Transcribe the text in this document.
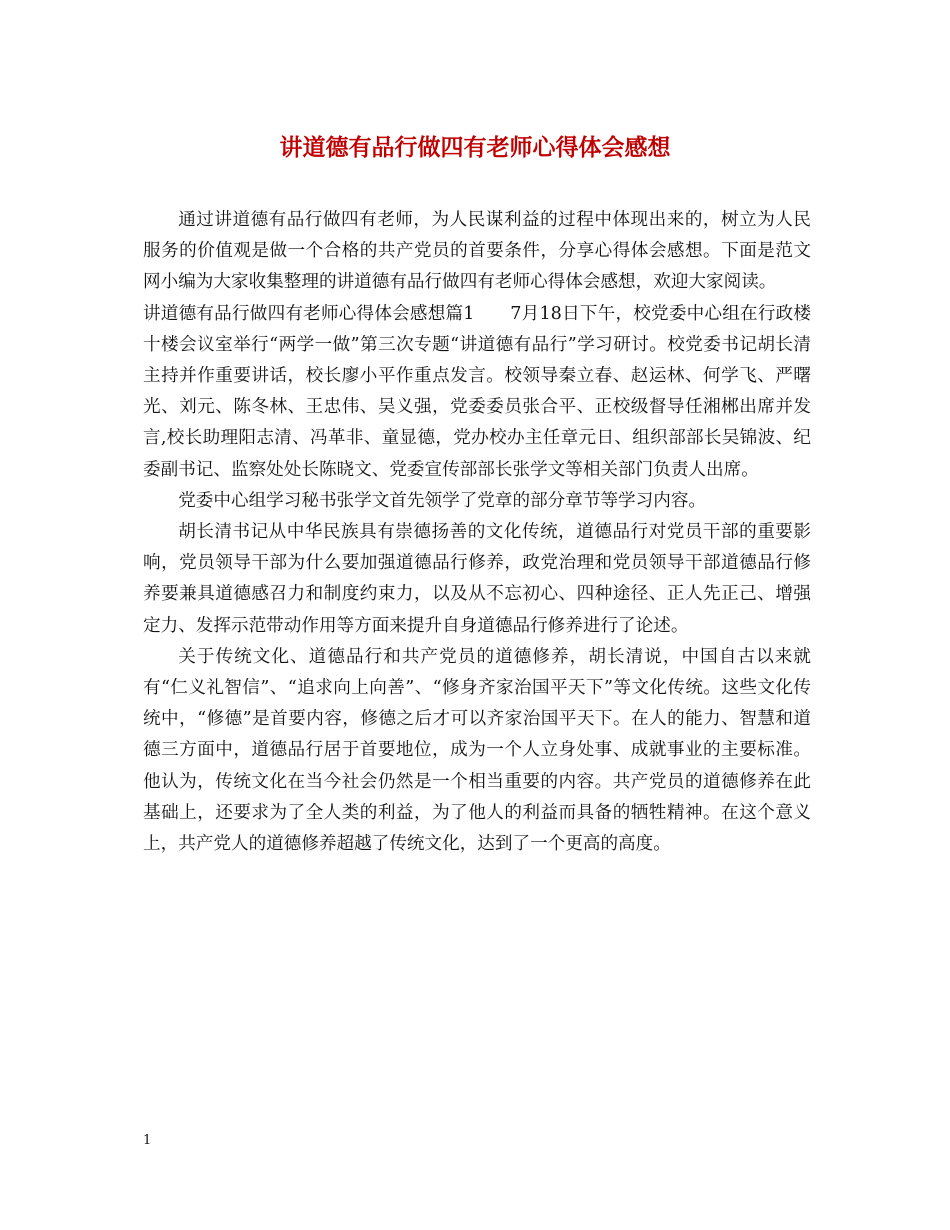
讲道德有品行做四有老师心得体会感想

通过讲道德有品行做四有老师，为人民谋利益的过程中体现出来的，树立为人民服务的价值观是做一个合格的共产党员的首要条件，分享心得体会感想。下面是范文网小编为大家收集整理的讲道德有品行做四有老师心得体会感想，欢迎大家阅读。

讲道德有品行做四有老师心得体会感想篇1　　7月18日下午，校党委中心组在行政楼十楼会议室举行“两学一做”第三次专题“讲道德有品行”学习研讨。校党委书记胡长清主持并作重要讲话，校长廖小平作重点发言。校领导秦立春、赵运林、何学飞、严曙光、刘元、陈冬林、王忠伟、吴义强，党委委员张合平、正校级督导任湘郴出席并发言,校长助理阳志清、冯革非、童显德，党办校办主任章元日、组织部部长吴锦波、纪委副书记、监察处处长陈晓文、党委宣传部部长张学文等相关部门负责人出席。

党委中心组学习秘书张学文首先领学了党章的部分章节等学习内容。

胡长清书记从中华民族具有崇德扬善的文化传统，道德品行对党员干部的重要影响，党员领导干部为什么要加强道德品行修养，政党治理和党员领导干部道德品行修养要兼具道德感召力和制度约束力，以及从不忘初心、四种途径、正人先正己、增强定力、发挥示范带动作用等方面来提升自身道德品行修养进行了论述。

关于传统文化、道德品行和共产党员的道德修养，胡长清说，中国自古以来就有“仁义礼智信”、“追求向上向善”、“修身齐家治国平天下”等文化传统。这些文化传统中，“修德”是首要内容，修德之后才可以齐家治国平天下。在人的能力、智慧和道德三方面中，道德品行居于首要地位，成为一个人立身处事、成就事业的主要标准。他认为，传统文化在当今社会仍然是一个相当重要的内容。共产党员的道德修养在此基础上，还要求为了全人类的利益，为了他人的利益而具备的牺牲精神。在这个意义上，共产党人的道德修养超越了传统文化，达到了一个更高的高度。

1
